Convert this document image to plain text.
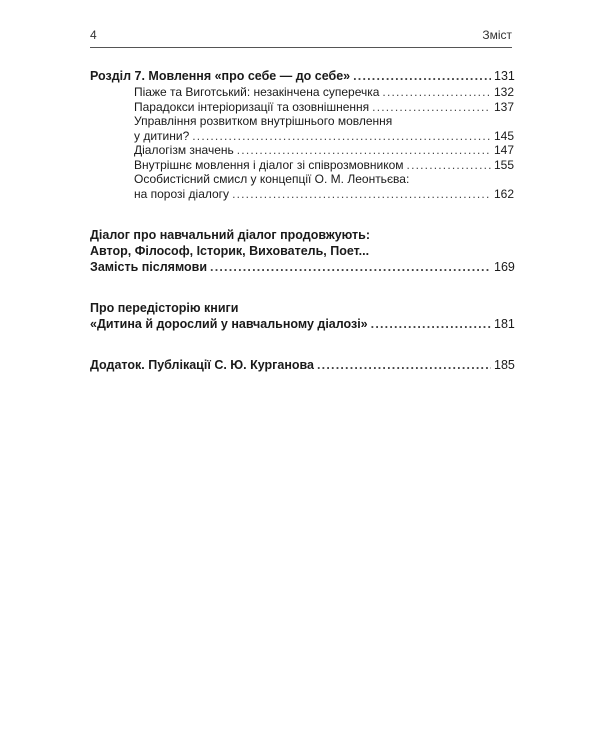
4	Зміст
Розділ 7. Мовлення «про себе — до себе» .....	131
Піаже та Виготський: незакінчена суперечка .....	132
Парадокси інтеріоризації та озовнішнення .....	137
Управління розвитком внутрішнього мовлення
у дитини? .....	145
Діалогізм значень .....	147
Внутрішнє мовлення і діалог зі співрозмовником .....	155
Особистісний смисл у концепції О. М. Леонтьєва:
на порозі діалогу .....	162
Діалог про навчальний діалог продовжують:
Автор, Філософ, Історик, Вихователь, Поет...
Замість післямови .....	169
Про передісторію книги
«Дитина й дорослий у навчальному діалозі» .....	181
Додаток. Публікації С. Ю. Курганова .....	185
